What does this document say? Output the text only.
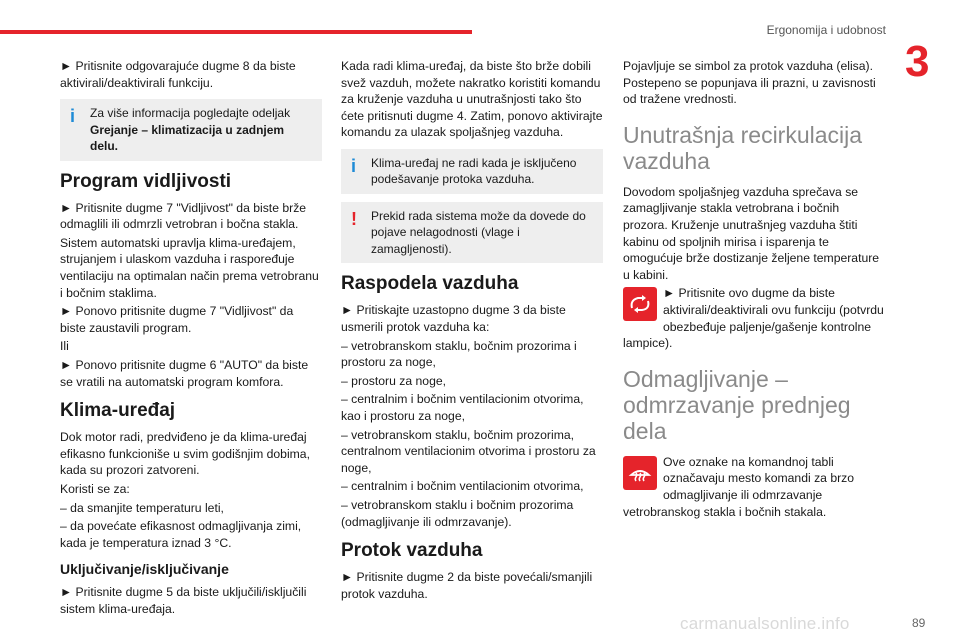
Ergonomija i udobnost
3

► Pritisnite odgovarajuće dugme 8 da biste aktivirali/deaktivirali funkciju.

i Za više informacija pogledajte odeljak Grejanje – klimatizacija u zadnjem delu.
Program vidljivosti

► Pritisnite dugme 7 "Vidljivost" da biste brže odmaglili ili odmrzli vetrobran i bočna stakla.

Sistem automatski upravlja klima-uređajem, strujanjem i ulaskom vazduha i raspoređuje ventilaciju na optimalan način prema vetrobranu i bočnim staklima.

► Ponovo pritisnite dugme 7 "Vidljivost" da biste zaustavili program.

Ili

► Ponovo pritisnite dugme 6 "AUTO" da biste se vratili na automatski program komfora.

Klima-uređaj

Dok motor radi, predviđeno je da klima-uređaj efikasno funkcioniše u svim godišnjim dobima, kada su prozori zatvoreni.

Koristi se za:

– da smanjite temperaturu leti,

– da povećate efikasnost odmagljivanja zimi, kada je temperatura iznad 3 °C.

Uključivanje/isključivanje

► Pritisnite dugme 5 da biste uključili/isključili sistem klima-uređaja.

Kada radi klima-uređaj, da biste što brže dobili svež vazduh, možete nakratko koristiti komandu za kruženje vazduha u unutrašnjosti tako što ćete pritisnuti dugme 4. Zatim, ponovo aktivirajte komandu za ulazak spoljašnjeg vazduha.

i Klima-uređaj ne radi kada je isključeno podešavanje protoka vazduha.
! Prekid rada sistema može da dovede do pojave nelagodnosti (vlage i zamagljenosti).
Raspodela vazduha

► Pritiskajte uzastopno dugme 3 da biste usmerili protok vazduha ka:

– vetrobranskom staklu, bočnim prozorima i prostoru za noge,

– prostoru za noge,

– centralnim i bočnim ventilacionim otvorima, kao i prostoru za noge,

– vetrobranskom staklu, bočnim prozorima, centralnom ventilacionim otvorima i prostoru za noge,

– centralnim i bočnim ventilacionim otvorima,

– vetrobranskom staklu i bočnim prozorima (odmagljivanje ili odmrzavanje).

Protok vazduha

► Pritisnite dugme 2 da biste povećali/smanjili protok vazduha.

Pojavljuje se simbol za protok vazduha (elisa). Postepeno se popunjava ili prazni, u zavisnosti od tražene vrednosti.

Unutrašnja recirkulacija vazduha

Dovodom spoljašnjeg vazduha sprečava se zamagljivanje stakla vetrobrana i bočnih prozora. Kruženje unutrašnjeg vazduha štiti kabinu od spoljnih mirisa i isparenja te omogućuje brže dostizanje željene temperature u kabini.

► Pritisnite ovo dugme da biste aktivirali/deaktivirali ovu funkciju (potvrdu obezbeđuje paljenje/gašenje kontrolne lampice).

Odmagljivanje – odmrzavanje prednjeg dela

Ove oznake na komandnoj tabli označavaju mesto komandi za brzo odmagljivanje ili odmrzavanje vetrobranskog stakla i bočnih stakala.

carmanualsonline.info	89
